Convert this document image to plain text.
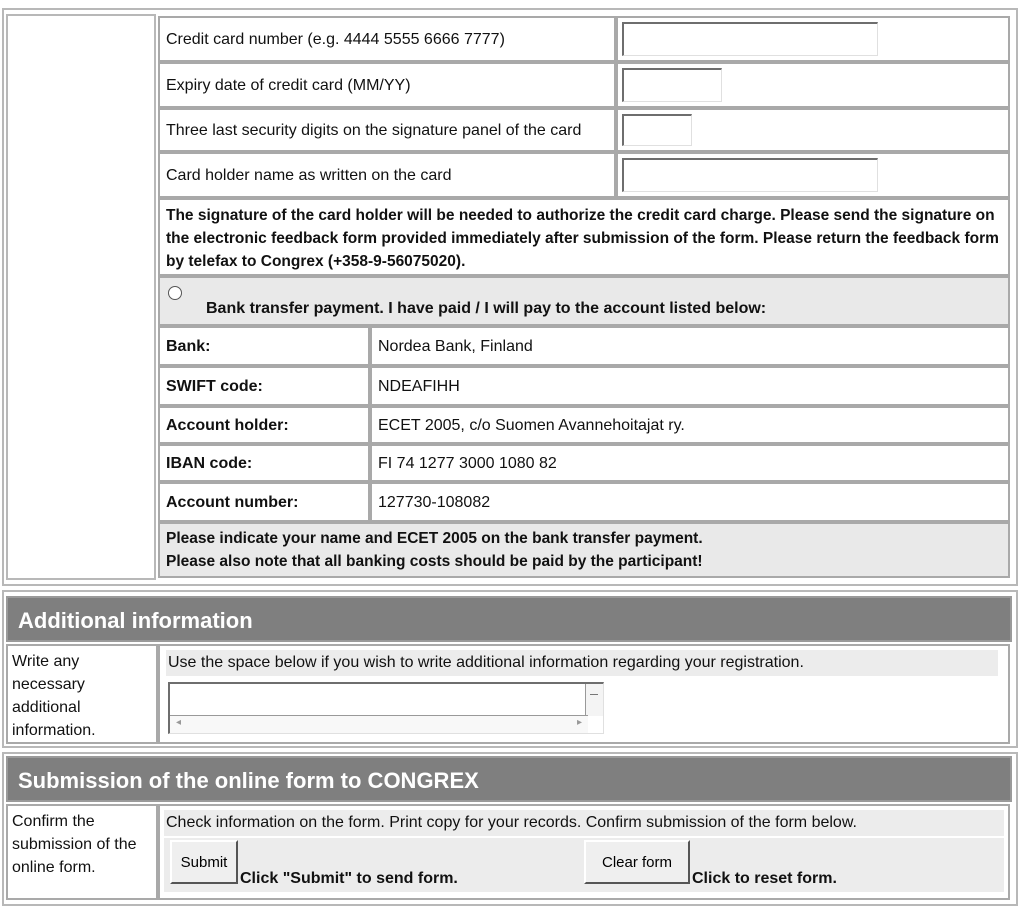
Credit card number (e.g. 4444 5555 6666 7777)
Expiry date of credit card (MM/YY)
Three last security digits on the signature panel of the card
Card holder name as written on the card
The signature of the card holder will be needed to authorize the credit card charge. Please send the signature on the electronic feedback form provided immediately after submission of the form. Please return the feedback form by telefax to Congrex (+358-9-56075020).
Bank transfer payment. I have paid / I will pay to the account listed below:
Bank:	Nordea Bank, Finland
SWIFT code:	NDEAFIHH
Account holder:	ECET 2005, c/o Suomen Avannehoitajat ry.
IBAN code:	FI 74 1277 3000 1080 82
Account number:	127730-108082
Please indicate your name and ECET 2005 on the bank transfer payment.
Please also note that all banking costs should be paid by the participant!
Additional information
Write any necessary additional information.
Use the space below if you wish to write additional information regarding your registration.
◂	▸
Submission of the online form to CONGREX
Confirm the submission of the online form.
Check information on the form. Print copy for your records. Confirm submission of the form below.
Submit
Click "Submit" to send form.
Clear form
Click to reset form.
